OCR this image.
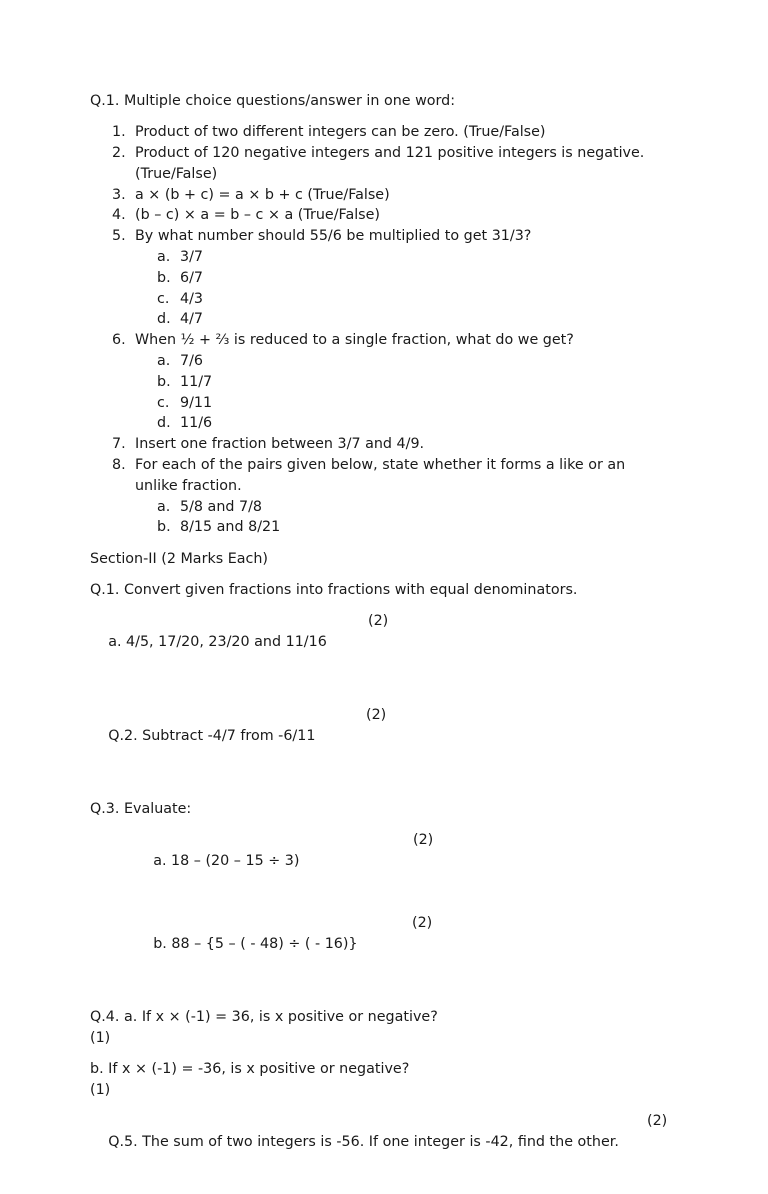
Q.1. Multiple choice questions/answer in one word:

1. Product of two different integers can be zero. (True/False)
2. Product of 120 negative integers and 121 positive integers is negative.
(True/False)
3. a × (b + c) = a × b + c (True/False)
4. (b – c) × a = b – c × a (True/False)
5. By what number should 55/6 be multiplied to get 31/3?
a. 3/7
b. 6/7
c. 4/3
d. 4/7
6. When ½ + ⅔ is reduced to a single fraction, what do we get?
a. 7/6
b. 11/7
c. 9/11
d. 11/6
7. Insert one fraction between 3/7 and 4/9.
8. For each of the pairs given below, state whether it forms a like or an
unlike fraction.
a. 5/8 and 7/8
b. 8/15 and 8/21

Section-II (2 Marks Each)

Q.1. Convert given fractions into fractions with equal denominators.

a. 4/5, 17/20, 23/20 and 11/16

(2)

Q.2. Subtract -4/7 from -6/11

(2)

Q.3. Evaluate:

a. 18 – (20 – 15 ÷ 3)

(2)

b. 88 – {5 – ( - 48) ÷ ( - 16)}

(2)

Q.4. a. If x × (-1) = 36, is x positive or negative?

(1)

b. If x × (-1) = -36, is x positive or negative?

(1)

Q.5. The sum of two integers is -56. If one integer is -42, find the other.

(2)
